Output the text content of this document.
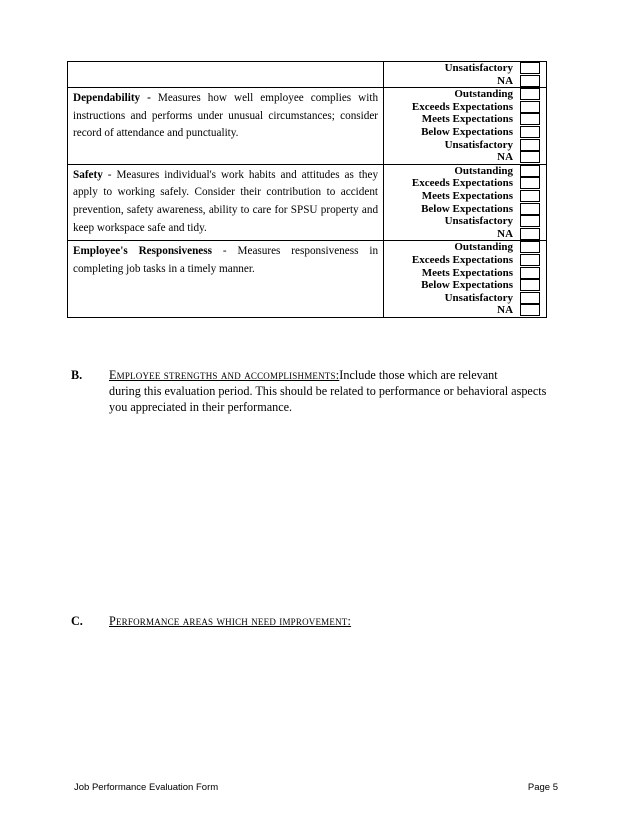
Unsatisfactory
NA
Dependability - Measures how well employee complies with instructions and performs under unusual circumstances; consider record of attendance and punctuality.
Outstanding
Exceeds Expectations
Meets Expectations
Below Expectations
Unsatisfactory
NA
Safety - Measures individual's work habits and attitudes as they apply to working safely. Consider their contribution to accident prevention, safety awareness, ability to care for SPSU property and keep workspace safe and tidy.
Outstanding
Exceeds Expectations
Meets Expectations
Below Expectations
Unsatisfactory
NA
Employee's Responsiveness - Measures responsiveness in completing job tasks in a timely manner.
Outstanding
Exceeds Expectations
Meets Expectations
Below Expectations
Unsatisfactory
NA
B. Employee strengths and accomplishments:Include those which are relevant
during this evaluation period. This should be related to performance or behavioral aspects you appreciated in their performance.
C. Performance areas which need improvement:
Job Performance Evaluation Form	Page 5
